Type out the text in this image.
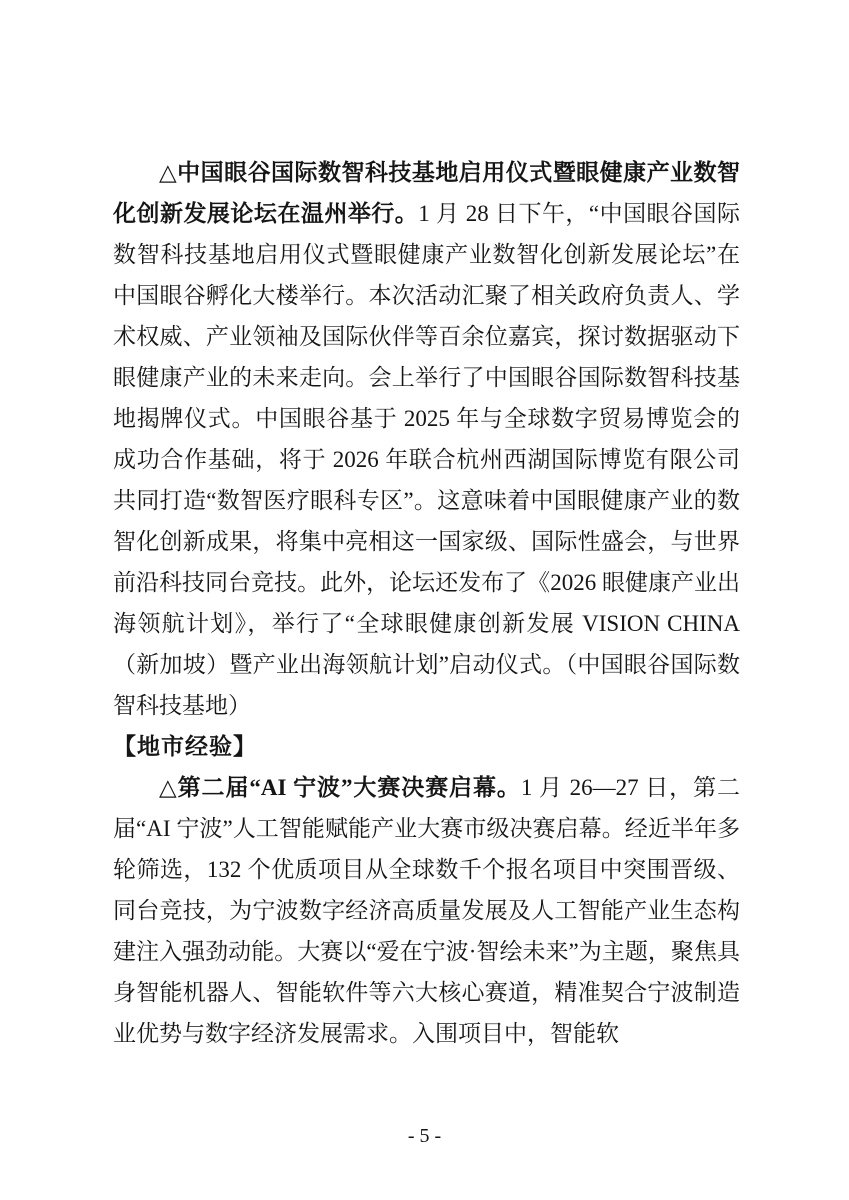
△中国眼谷国际数智科技基地启用仪式暨眼健康产业数智化创新发展论坛在温州举行。1 月 28 日下午，“中国眼谷国际数智科技基地启用仪式暨眼健康产业数智化创新发展论坛”在中国眼谷孵化大楼举行。本次活动汇聚了相关政府负责人、学术权威、产业领袖及国际伙伴等百余位嘉宾，探讨数据驱动下眼健康产业的未来走向。会上举行了中国眼谷国际数智科技基地揭牌仪式。中国眼谷基于 2025 年与全球数字贸易博览会的成功合作基础，将于 2026 年联合杭州西湖国际博览有限公司共同打造“数智医疗眼科专区”。这意味着中国眼健康产业的数智化创新成果，将集中亮相这一国家级、国际性盛会，与世界前沿科技同台竞技。此外，论坛还发布了《2026 眼健康产业出海领航计划》，举行了“全球眼健康创新发展 VISION CHINA（新加坡）暨产业出海领航计划”启动仪式。（中国眼谷国际数智科技基地）

【地市经验】

△第二届“AI 宁波”大赛决赛启幕。1 月 26—27 日，第二届“AI 宁波”人工智能赋能产业大赛市级决赛启幕。经近半年多轮筛选，132 个优质项目从全球数千个报名项目中突围晋级、同台竞技，为宁波数字经济高质量发展及人工智能产业生态构建注入强劲动能。大赛以“爱在宁波·智绘未来”为主题，聚焦具身智能机器人、智能软件等六大核心赛道，精准契合宁波制造业优势与数字经济发展需求。入围项目中，智能软

- 5 -
